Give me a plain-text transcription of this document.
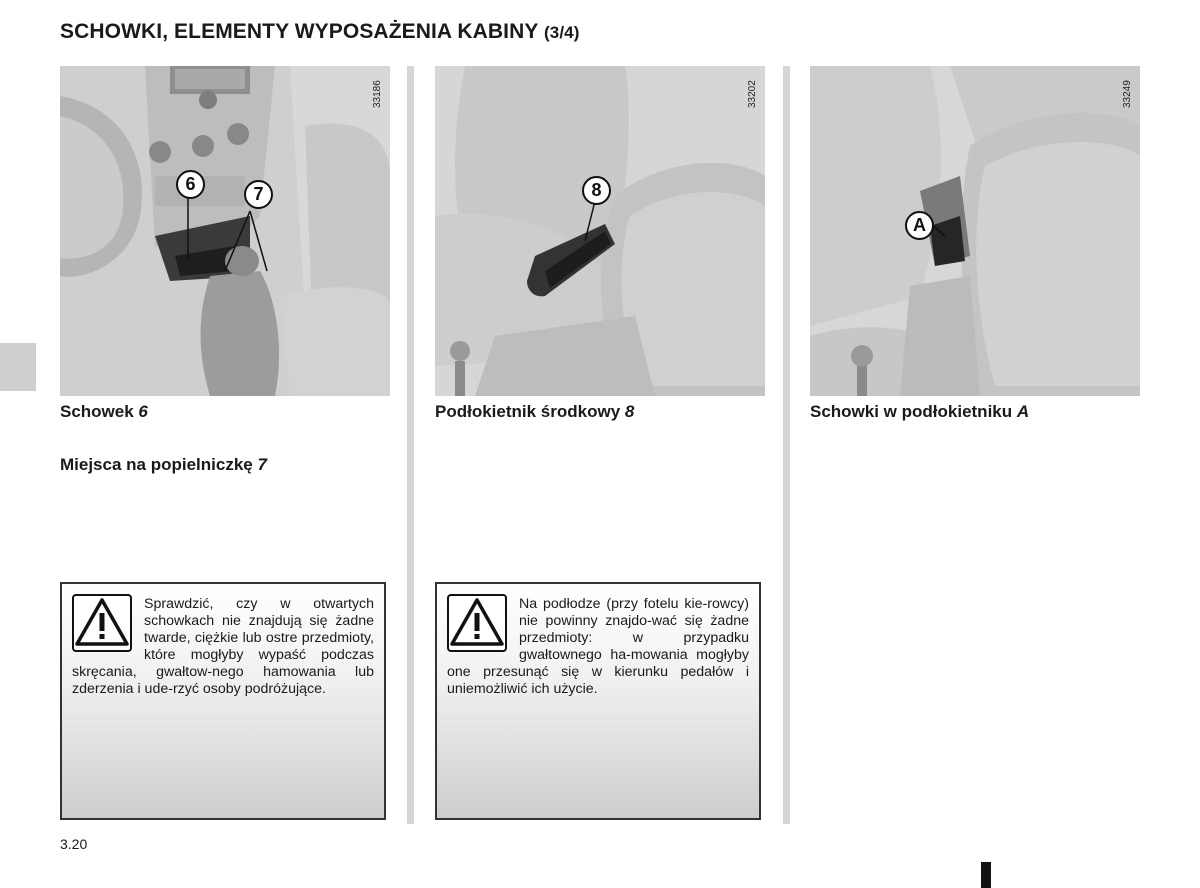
SCHOWKI, ELEMENTY WYPOSAŻENIA KABINY (3/4)
33186
6	7
33202
8
33249
A
Schowek 6
Miejsca na popielniczkę 7
Podłokietnik środkowy 8	Schowki w podłokietniku A
Sprawdzić, czy w otwartych schowkach nie znajdują się żadne twarde, ciężkie lub ostre przedmioty, które mogłyby wypaść podczas skręcania, gwałtow-nego hamowania lub zderzenia i ude-rzyć osoby podróżujące.
Na podłodze (przy fotelu kie-rowcy) nie powinny znajdo-wać się żadne przedmioty: w przypadku gwałtownego ha-mowania mogłyby one przesunąć się w kierunku pedałów i uniemożliwić ich użycie.
3.20
